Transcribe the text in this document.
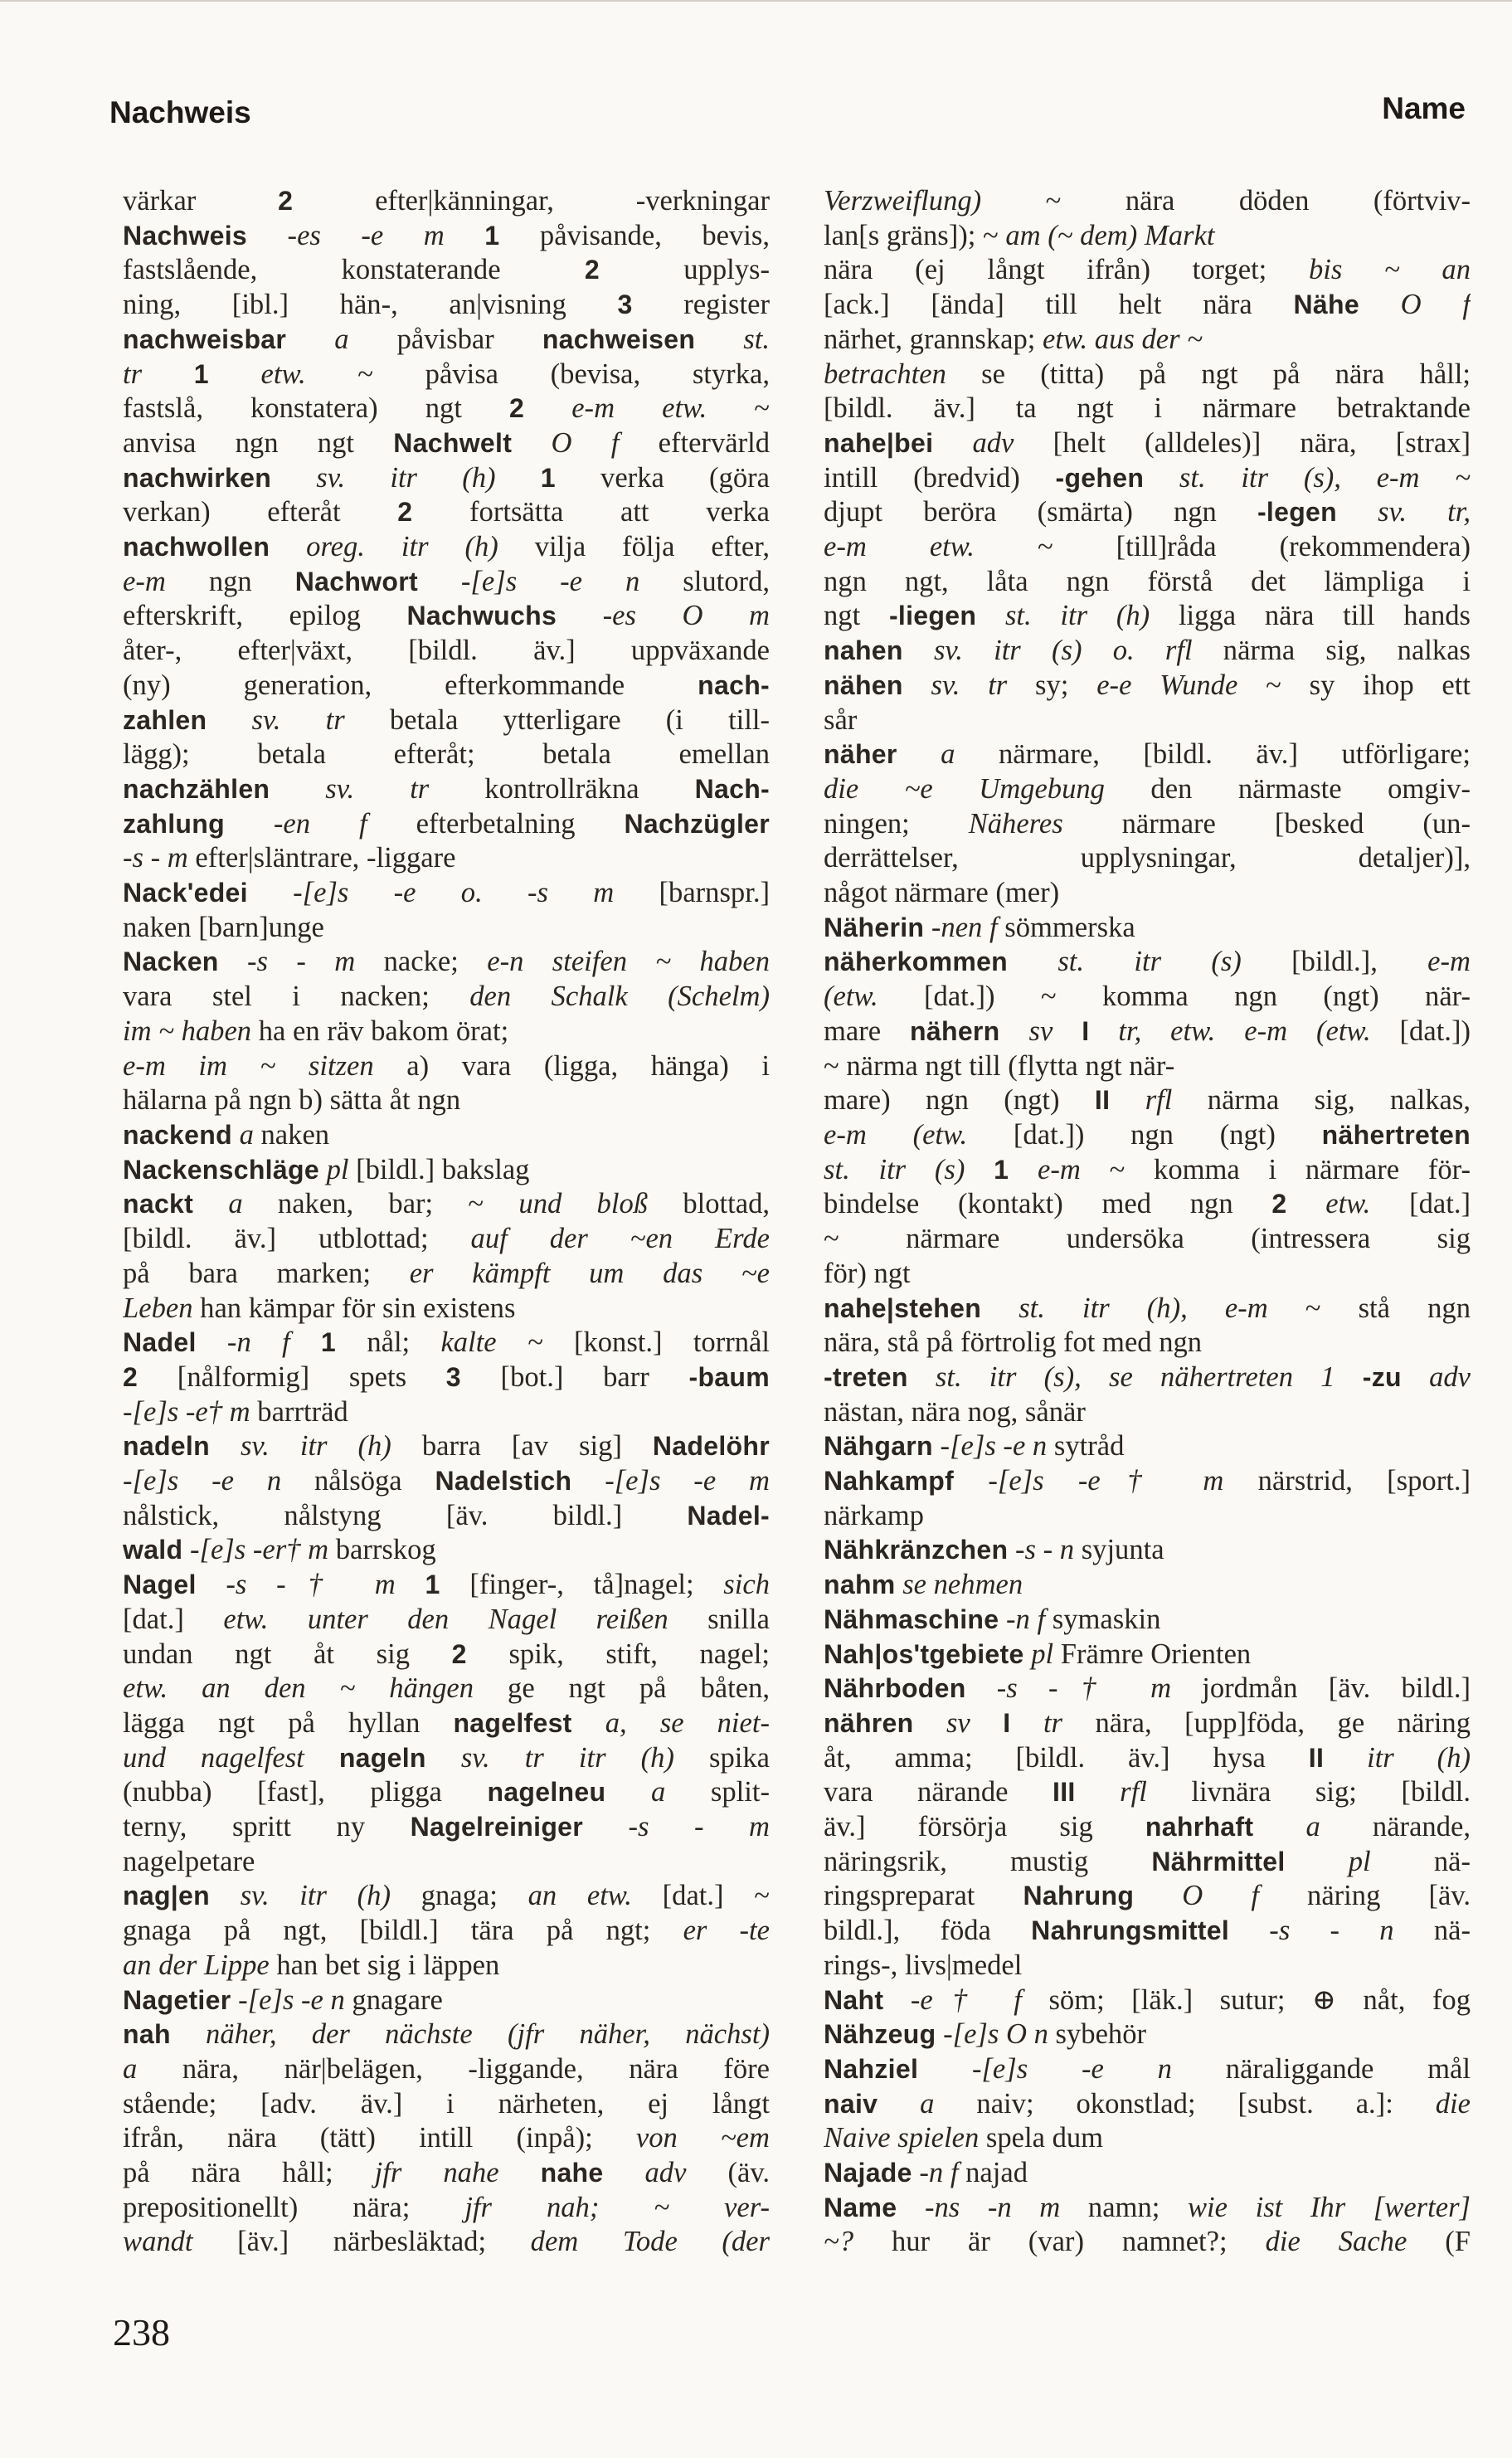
Nachweis	Name
värkar 2 efter|känningar, -verkningar
Nachweis -es -e m 1 påvisande, bevis,
fastslående, konstaterande 2 upplys-
ning, [ibl.] hän-, an|visning 3 register
nachweisbar a påvisbar nachweisen st.
tr 1 etw. ~ påvisa (bevisa, styrka,
fastslå, konstatera) ngt 2 e-m etw. ~
anvisa ngn ngt Nachwelt O f eftervärld
nachwirken sv. itr (h) 1 verka (göra
verkan) efteråt 2 fortsätta att verka
nachwollen oreg. itr (h) vilja följa efter,
e-m ngn Nachwort -[e]s -e n slutord,
efterskrift, epilog Nachwuchs -es O m
åter-, efter|växt, [bildl. äv.] uppväxande
(ny) generation, efterkommande nach-
zahlen sv. tr betala ytterligare (i till-
lägg); betala efteråt; betala emellan
nachzählen sv. tr kontrollräkna Nach-
zahlung -en f efterbetalning Nachzügler
-s - m efter|släntrare, -liggare
Nack'edei -[e]s -e o. -s m [barnspr.]
naken [barn]unge
Nacken -s - m nacke; e-n steifen ~ haben
vara stel i nacken; den Schalk (Schelm)
im ~ haben ha en räv bakom örat;
e-m im ~ sitzen a) vara (ligga, hänga) i
hälarna på ngn b) sätta åt ngn
nackend a naken
Nackenschläge pl [bildl.] bakslag
nackt a naken, bar; ~ und bloß blottad,
[bildl. äv.] utblottad; auf der ~en Erde
på bara marken; er kämpft um das ~e
Leben han kämpar för sin existens
Nadel -n f 1 nål; kalte ~ [konst.] torrnål
2 [nålformig] spets 3 [bot.] barr -baum
-[e]s -e† m barrträd
nadeln sv. itr (h) barra [av sig] Nadelöhr
-[e]s -e n nålsöga Nadelstich -[e]s -e m
nålstick, nålstyng [äv. bildl.] Nadel-
wald -[e]s -er† m barrskog
Nagel -s -† m 1 [finger-, tå]nagel; sich
[dat.] etw. unter den Nagel reißen snilla
undan ngt åt sig 2 spik, stift, nagel;
etw. an den ~ hängen ge ngt på båten,
lägga ngt på hyllan nagelfest a, se niet-
und nagelfest nageln sv. tr itr (h) spika
(nubba) [fast], pligga nagelneu a split-
terny, spritt ny Nagelreiniger -s - m
nagelpetare
nag|en sv. itr (h) gnaga; an etw. [dat.] ~
gnaga på ngt, [bildl.] tära på ngt; er -te
an der Lippe han bet sig i läppen
Nagetier -[e]s -e n gnagare
nah näher, der nächste (jfr näher, nächst)
a nära, när|belägen, -liggande, nära före
stående; [adv. äv.] i närheten, ej långt
ifrån, nära (tätt) intill (inpå); von ~em
på nära håll; jfr nahe nahe adv (äv.
prepositionellt) nära; jfr nah; ~ ver-
wandt [äv.] närbesläktad; dem Tode (der
Verzweiflung) ~ nära döden (förtviv-
lan[s gräns]); ~ am (~ dem) Markt
nära (ej långt ifrån) torget; bis ~ an
[ack.] [ända] till helt nära Nähe O f
närhet, grannskap; etw. aus der ~
betrachten se (titta) på ngt på nära håll;
[bildl. äv.] ta ngt i närmare betraktande
nahe|bei adv [helt (alldeles)] nära, [strax]
intill (bredvid) -gehen st. itr (s), e-m ~
djupt beröra (smärta) ngn -legen sv. tr,
e-m etw. ~ [till]råda (rekommendera)
ngn ngt, låta ngn förstå det lämpliga i
ngt -liegen st. itr (h) ligga nära till hands
nahen sv. itr (s) o. rfl närma sig, nalkas
nähen sv. tr sy; e-e Wunde ~ sy ihop ett
sår
näher a närmare, [bildl. äv.] utförligare;
die ~e Umgebung den närmaste omgiv-
ningen; Näheres närmare [besked (un-
derrättelser, upplysningar, detaljer)],
något närmare (mer)
Näherin -nen f sömmerska
näherkommen st. itr (s) [bildl.], e-m
(etw. [dat.]) ~ komma ngn (ngt) när-
mare nähern sv I tr, etw. e-m (etw. [dat.])
~ närma ngt till (flytta ngt när-
mare) ngn (ngt) II rfl närma sig, nalkas,
e-m (etw. [dat.]) ngn (ngt) nähertreten
st. itr (s) 1 e-m ~ komma i närmare för-
bindelse (kontakt) med ngn 2 etw. [dat.]
~ närmare undersöka (intressera sig
för) ngt
nahe|stehen st. itr (h), e-m ~ stå ngn
nära, stå på förtrolig fot med ngn
-treten st. itr (s), se nähertreten 1 -zu adv
nästan, nära nog, sånär
Nähgarn -[e]s -e n sytråd
Nahkampf -[e]s -e† m närstrid, [sport.]
närkamp
Nähkränzchen -s - n syjunta
nahm se nehmen
Nähmaschine -n f symaskin
Nah|os'tgebiete pl Främre Orienten
Nährboden -s -† m jordmån [äv. bildl.]
nähren sv I tr nära, [upp]föda, ge näring
åt, amma; [bildl. äv.] hysa II itr (h)
vara närande III rfl livnära sig; [bildl.
äv.] försörja sig nahrhaft a närande,
näringsrik, mustig Nährmittel pl nä-
ringspreparat Nahrung O f näring [äv.
bildl.], föda Nahrungsmittel -s - n nä-
rings-, livs|medel
Naht -e† f söm; [läk.] sutur; ⊕ nåt, fog
Nähzeug -[e]s O n sybehör
Nahziel -[e]s -e n näraliggande mål
naiv a naiv; okonstlad; [subst. a.]: die
Naive spielen spela dum
Najade -n f najad
Name -ns -n m namn; wie ist Ihr [werter]
~? hur är (var) namnet?; die Sache (F
238
